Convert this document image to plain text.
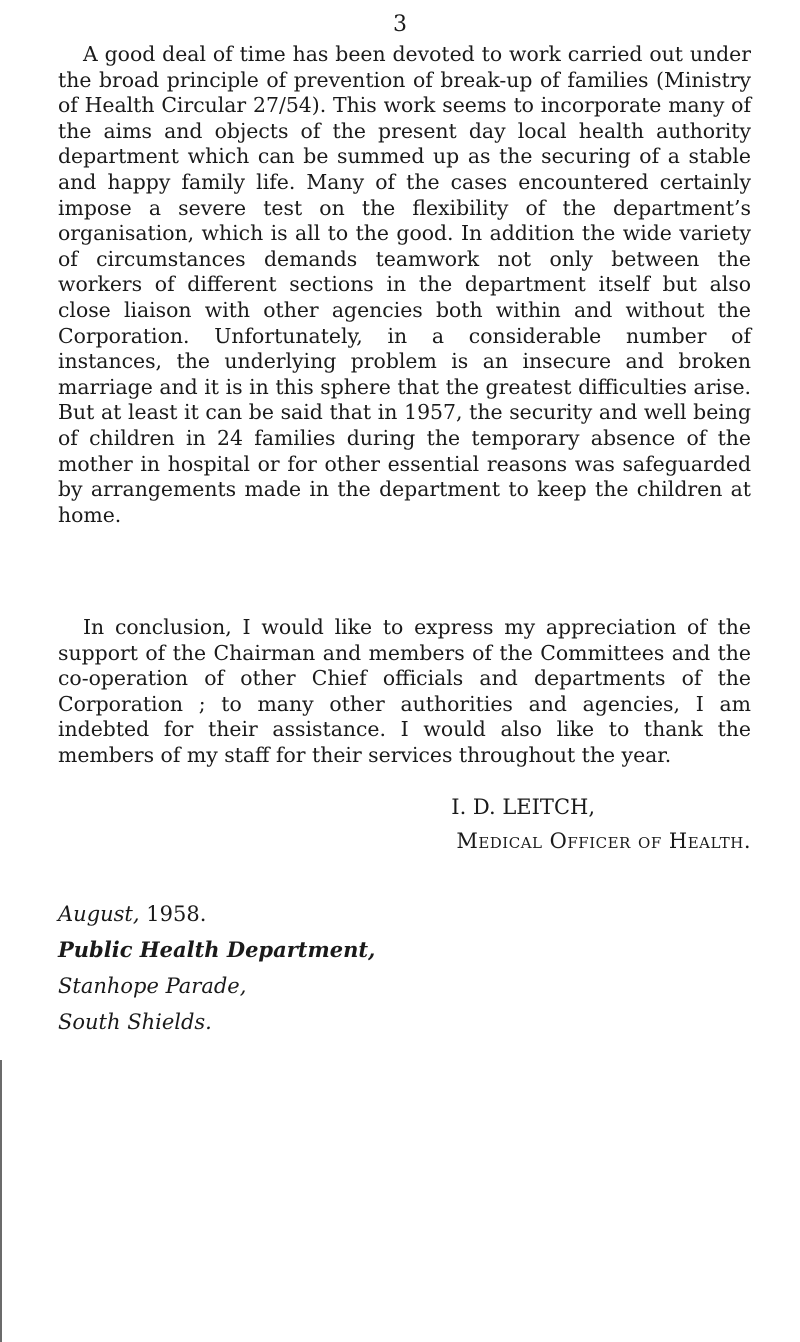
3

A good deal of time has been devoted to work carried out under the broad principle of prevention of break-up of families (Ministry of Health Circular 27/54). This work seems to incorporate many of the aims and objects of the present day local health authority department which can be summed up as the securing of a stable and happy family life. Many of the cases encountered certainly impose a severe test on the flexibility of the department’s organisation, which is all to the good. In addition the wide variety of circumstances demands teamwork not only between the workers of different sections in the department itself but also close liaison with other agencies both within and without the Corporation. Unfortunately, in a considerable number of instances, the underlying problem is an insecure and broken marriage and it is in this sphere that the greatest difficulties arise. But at least it can be said that in 1957, the security and well being of children in 24 families during the temporary absence of the mother in hospital or for other essential reasons was safeguarded by arrangements made in the department to keep the children at home.

In conclusion, I would like to express my appreciation of the support of the Chairman and members of the Committees and the co-operation of other Chief officials and departments of the Corporation ; to many other authorities and agencies, I am indebted for their assistance. I would also like to thank the members of my staff for their services throughout the year.

I. D. LEITCH,
Medical Officer of Health.
August, 1958.
Public Health Department,
Stanhope Parade,
South Shields.
